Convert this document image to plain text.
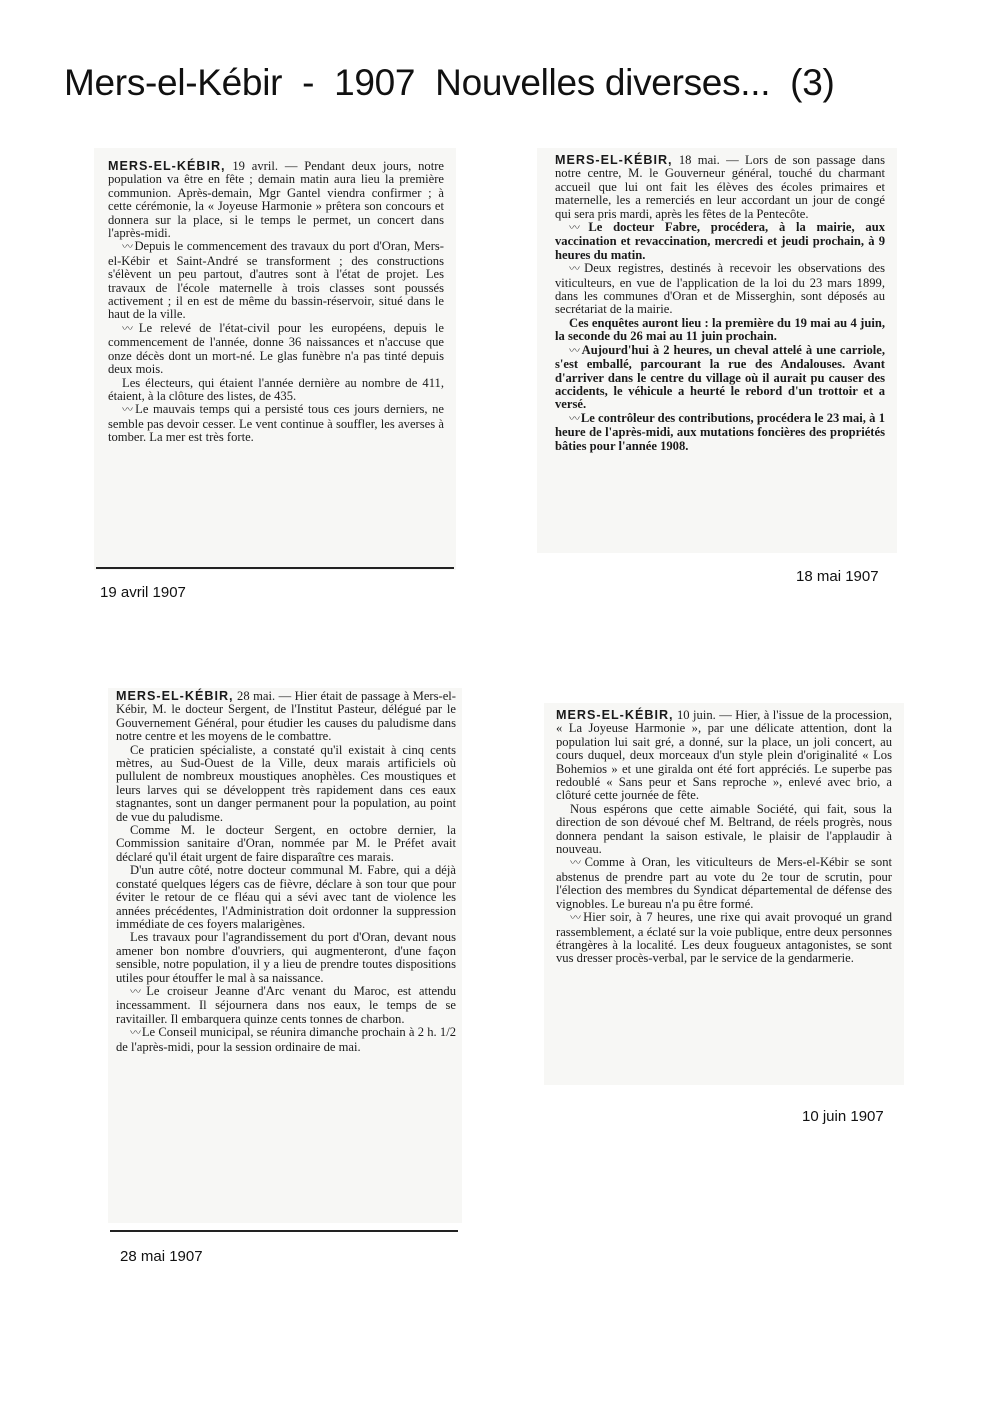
Mers-el-Kébir  -  1907  Nouvelles diverses...  (3)

MERS-EL-KÉBIR, 19 avril. — Pendant deux jours, notre population va être en fête ; demain matin aura lieu la première communion. Après-demain, Mgr Gantel viendra confirmer ; à cette cérémonie, la « Joyeuse Harmonie » prêtera son concours et donnera sur la place, si le temps le permet, un concert dans l'après-midi.

〰 Depuis le commencement des travaux du port d'Oran, Mers-el-Kébir et Saint-André se transforment ; des constructions s'élèvent un peu partout, d'autres sont à l'état de projet. Les travaux de l'école maternelle à trois classes sont poussés activement ; il en est de même du bassin-réservoir, situé dans le haut de la ville.

〰 Le relevé de l'état-civil pour les européens, depuis le commencement de l'année, donne 36 naissances et n'accuse que onze décès dont un mort-né. Le glas funèbre n'a pas tinté depuis deux mois.

Les électeurs, qui étaient l'année dernière au nombre de 411, étaient, à la clôture des listes, de 435.

〰 Le mauvais temps qui a persisté tous ces jours derniers, ne semble pas devoir cesser. Le vent continue à souffler, les averses à tomber. La mer est très forte.

19 avril 1907

MERS-EL-KÉBIR, 18 mai. — Lors de son passage dans notre centre, M. le Gouverneur général, touché du charmant accueil que lui ont fait les élèves des écoles primaires et maternelle, les a remerciés en leur accordant un jour de congé qui sera pris mardi, après les fêtes de la Pentecôte.

〰 Le docteur Fabre, procédera, à la mairie, aux vaccination et revaccination, mercredi et jeudi prochain, à 9 heures du matin.

〰 Deux registres, destinés à recevoir les observations des viticulteurs, en vue de l'application de la loi du 23 mars 1899, dans les communes d'Oran et de Misserghin, sont déposés au secrétariat de la mairie.

Ces enquêtes auront lieu : la première du 19 mai au 4 juin, la seconde du 26 mai au 11 juin prochain.

〰 Aujourd'hui à 2 heures, un cheval attelé à une carriole, s'est emballé, parcourant la rue des Andalouses. Avant d'arriver dans le centre du village où il aurait pu causer des accidents, le véhicule a heurté le rebord d'un trottoir et a versé.

〰 Le contrôleur des contributions, procédera le 23 mai, à 1 heure de l'après-midi, aux mutations foncières des propriétés bâties pour l'année 1908.

18 mai 1907

MERS-EL-KÉBIR, 28 mai. — Hier était de passage à Mers-el-Kébir, M. le docteur Sergent, de l'Institut Pasteur, délégué par le Gouvernement Général, pour étudier les causes du paludisme dans notre centre et les moyens de le combattre.

Ce praticien spécialiste, a constaté qu'il existait à cinq cents mètres, au Sud-Ouest de la Ville, deux marais artificiels où pullulent de nombreux moustiques anophèles. Ces moustiques et leurs larves qui se développent très rapidement dans ces eaux stagnantes, sont un danger permanent pour la population, au point de vue du paludisme.

Comme M. le docteur Sergent, en octobre dernier, la Commission sanitaire d'Oran, nommée par M. le Préfet avait déclaré qu'il était urgent de faire disparaître ces marais.

D'un autre côté, notre docteur communal M. Fabre, qui a déjà constaté quelques légers cas de fièvre, déclare à son tour que pour éviter le retour de ce fléau qui a sévi avec tant de violence les années précédentes, l'Administration doit ordonner la suppression immédiate de ces foyers malarigènes.

Les travaux pour l'agrandissement du port d'Oran, devant nous amener bon nombre d'ouvriers, qui augmenteront, d'une façon sensible, notre population, il y a lieu de prendre toutes dispositions utiles pour étouffer le mal à sa naissance.

〰 Le croiseur Jeanne d'Arc venant du Maroc, est attendu incessamment. Il séjournera dans nos eaux, le temps de se ravitailler. Il embarquera quinze cents tonnes de charbon.

〰 Le Conseil municipal, se réunira dimanche prochain à 2 h. 1/2 de l'après-midi, pour la session ordinaire de mai.

28 mai 1907

MERS-EL-KÉBIR, 10 juin. — Hier, à l'issue de la procession, « La Joyeuse Harmonie », par une délicate attention, dont la population lui sait gré, a donné, sur la place, un joli concert, au cours duquel, deux morceaux d'un style plein d'originalité « Los Bohemios » et une giralda ont été fort appréciés. Le superbe pas redoublé « Sans peur et Sans reproche », enlevé avec brio, a clôturé cette journée de fête.

Nous espérons que cette aimable Société, qui fait, sous la direction de son dévoué chef M. Beltrand, de réels progrès, nous donnera pendant la saison estivale, le plaisir de l'applaudir à nouveau.

〰 Comme à Oran, les viticulteurs de Mers-el-Kébir se sont abstenus de prendre part au vote du 2e tour de scrutin, pour l'élection des membres du Syndicat départemental de défense des vignobles. Le bureau n'a pu être formé.

〰 Hier soir, à 7 heures, une rixe qui avait provoqué un grand rassemblement, a éclaté sur la voie publique, entre deux personnes étrangères à la localité. Les deux fougueux antagonistes, se sont vus dresser procès-verbal, par le service de la gendarmerie.

10 juin 1907
